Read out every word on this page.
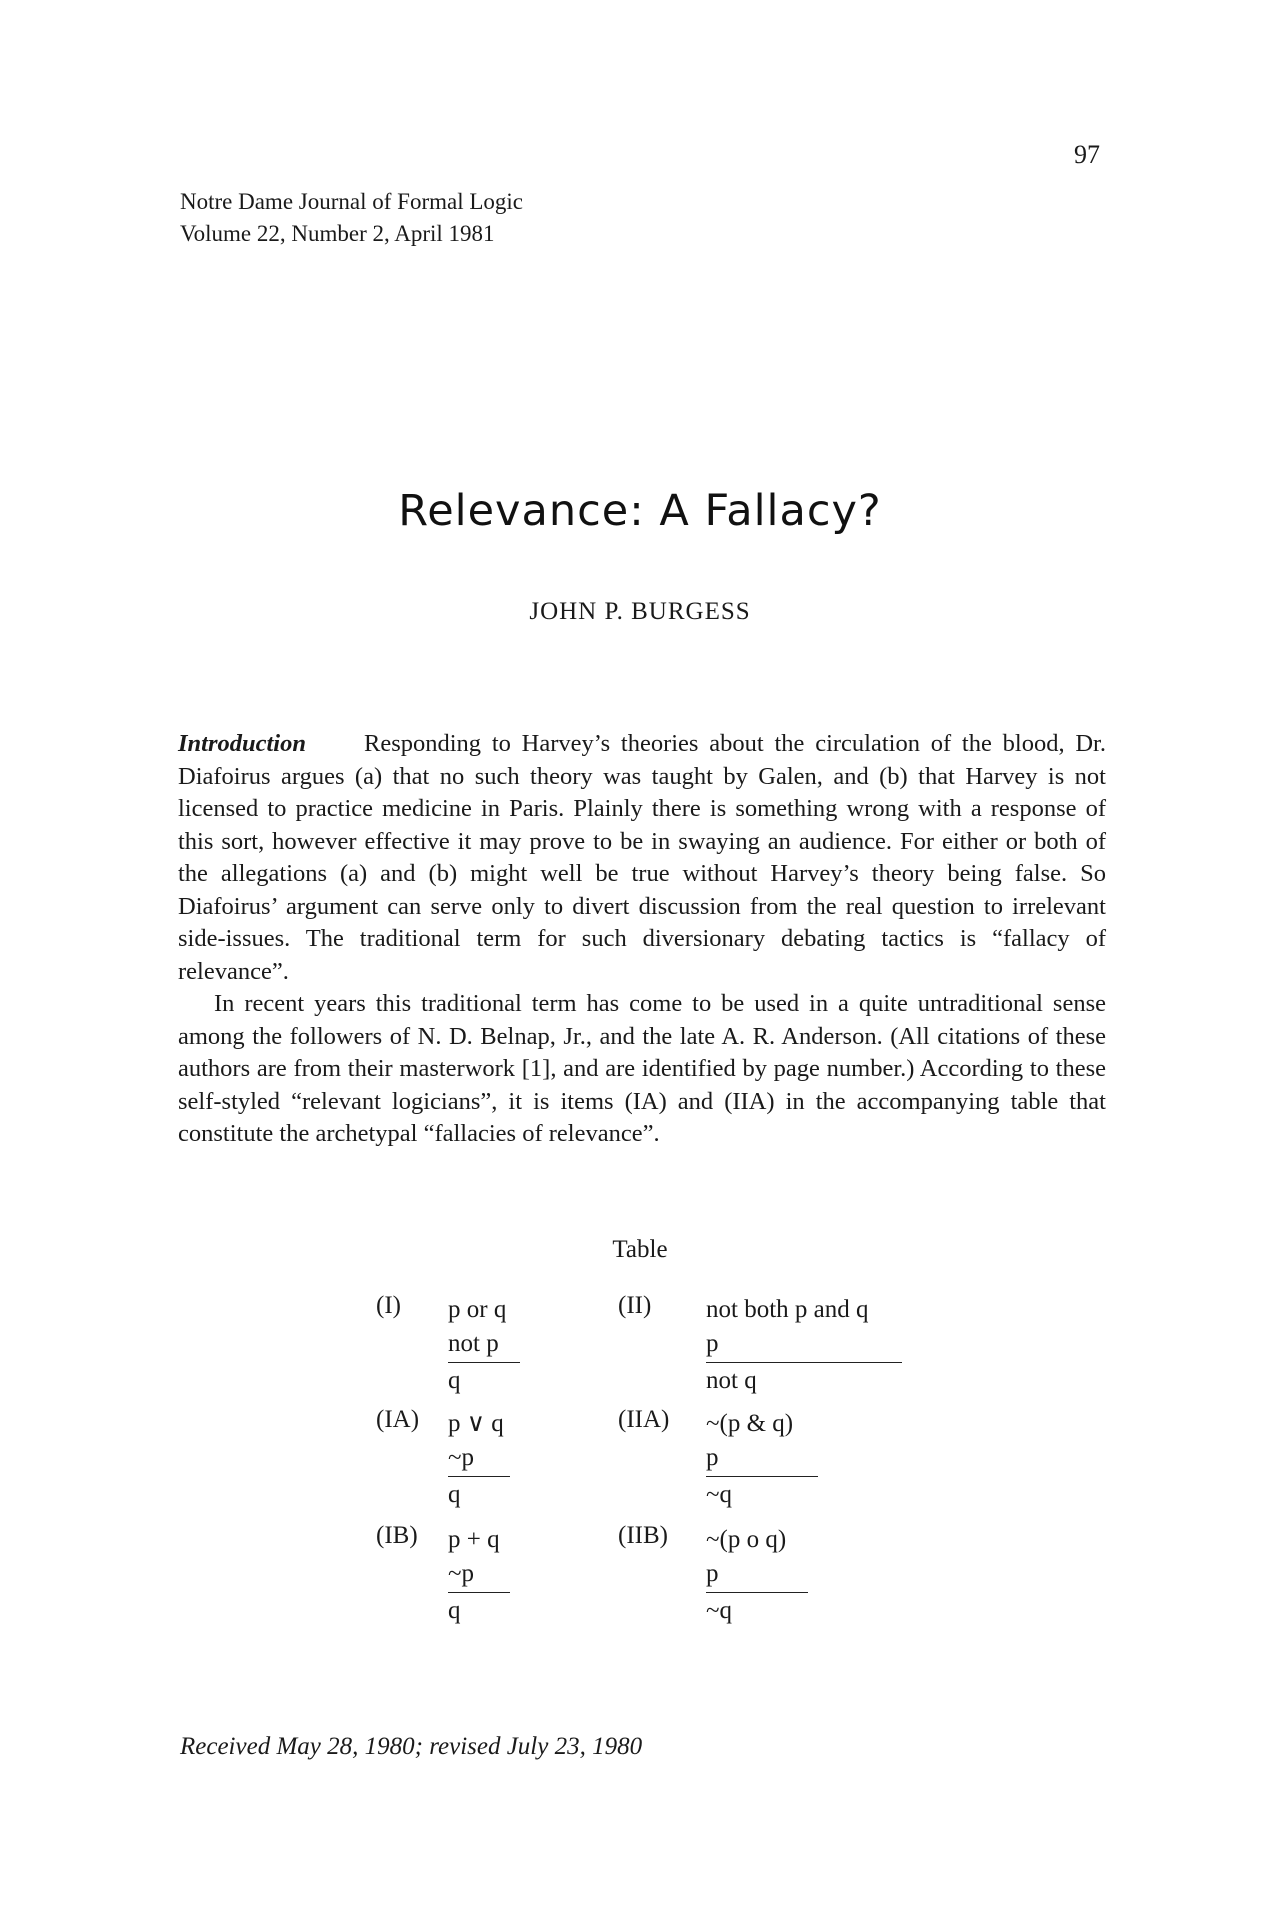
97
Notre Dame Journal of Formal Logic
Volume 22, Number 2, April 1981
Relevance: A Fallacy?
JOHN P. BURGESS

Introduction Responding to Harvey’s theories about the circulation of the blood, Dr. Diafoirus argues (a) that no such theory was taught by Galen, and (b) that Harvey is not licensed to practice medicine in Paris. Plainly there is something wrong with a response of this sort, however effective it may prove to be in swaying an audience. For either or both of the allegations (a) and (b) might well be true without Harvey’s theory being false. So Diafoirus’ argument can serve only to divert discussion from the real question to irrelevant side-issues. The traditional term for such diversionary debating tactics is “fallacy of relevance”.

In recent years this traditional term has come to be used in a quite untraditional sense among the followers of N. D. Belnap, Jr., and the late A. R. Anderson. (All citations of these authors are from their masterwork [1], and are identified by page number.) According to these self-styled “relevant logicians”, it is items (IA) and (IIA) in the accompanying table that constitute the archetypal “fallacies of relevance”.

Table
(I) p or q
not p
q
(IA) p ∨ q
~p
q
(IB) p + q
~p
q
(II) not both p and q
p
not q
(IIA) ~(p & q)
p
~q
(IIB) ~(p o q)
p
~q
Received May 28, 1980; revised July 23, 1980
